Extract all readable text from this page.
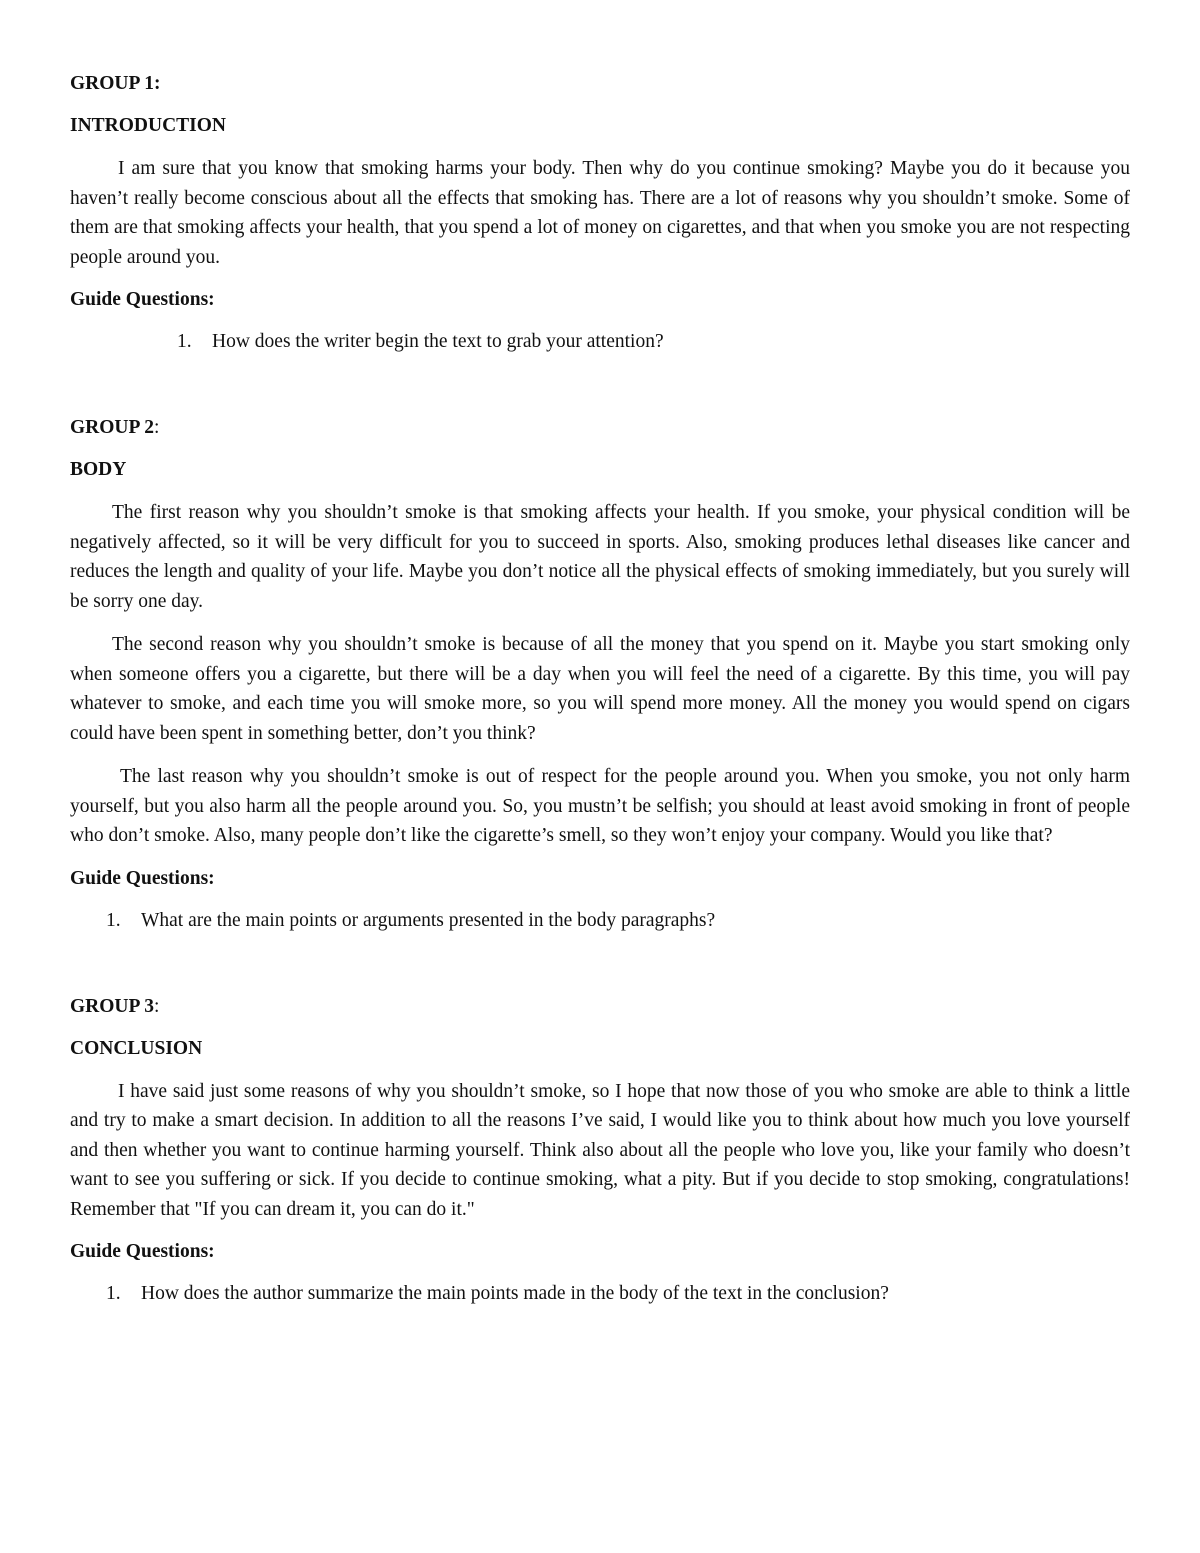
GROUP 1:

INTRODUCTION

I am sure that you know that smoking harms your body. Then why do you continue smoking? Maybe you do it because you haven’t really become conscious about all the effects that smoking has. There are a lot of reasons why you shouldn’t smoke. Some of them are that smoking affects your health, that you spend a lot of money on cigarettes, and that when you smoke you are not respecting people around you.

Guide Questions:

1.	How does the writer begin the text to grab your attention?

GROUP 2:

BODY

The first reason why you shouldn’t smoke is that smoking affects your health. If you smoke, your physical condition will be negatively affected, so it will be very difficult for you to succeed in sports. Also, smoking produces lethal diseases like cancer and reduces the length and quality of your life. Maybe you don’t notice all the physical effects of smoking immediately, but you surely will be sorry one day.

The second reason why you shouldn’t smoke is because of all the money that you spend on it. Maybe you start smoking only when someone offers you a cigarette, but there will be a day when you will feel the need of a cigarette. By this time, you will pay whatever to smoke, and each time you will smoke more, so you will spend more money. All the money you would spend on cigars could have been spent in something better, don’t you think?

The last reason why you shouldn’t smoke is out of respect for the people around you. When you smoke, you not only harm yourself, but you also harm all the people around you. So, you mustn’t be selfish; you should at least avoid smoking in front of people who don’t smoke. Also, many people don’t like the cigarette’s smell, so they won’t enjoy your company. Would you like that?

Guide Questions:

1.	What are the main points or arguments presented in the body paragraphs?

GROUP 3:

CONCLUSION

I have said just some reasons of why you shouldn’t smoke, so I hope that now those of you who smoke are able to think a little and try to make a smart decision. In addition to all the reasons I’ve said, I would like you to think about how much you love yourself and then whether you want to continue harming yourself. Think also about all the people who love you, like your family who doesn’t want to see you suffering or sick. If you decide to continue smoking, what a pity. But if you decide to stop smoking, congratulations! Remember that "If you can dream it, you can do it."

Guide Questions:

1.	How does the author summarize the main points made in the body of the text in the conclusion?
